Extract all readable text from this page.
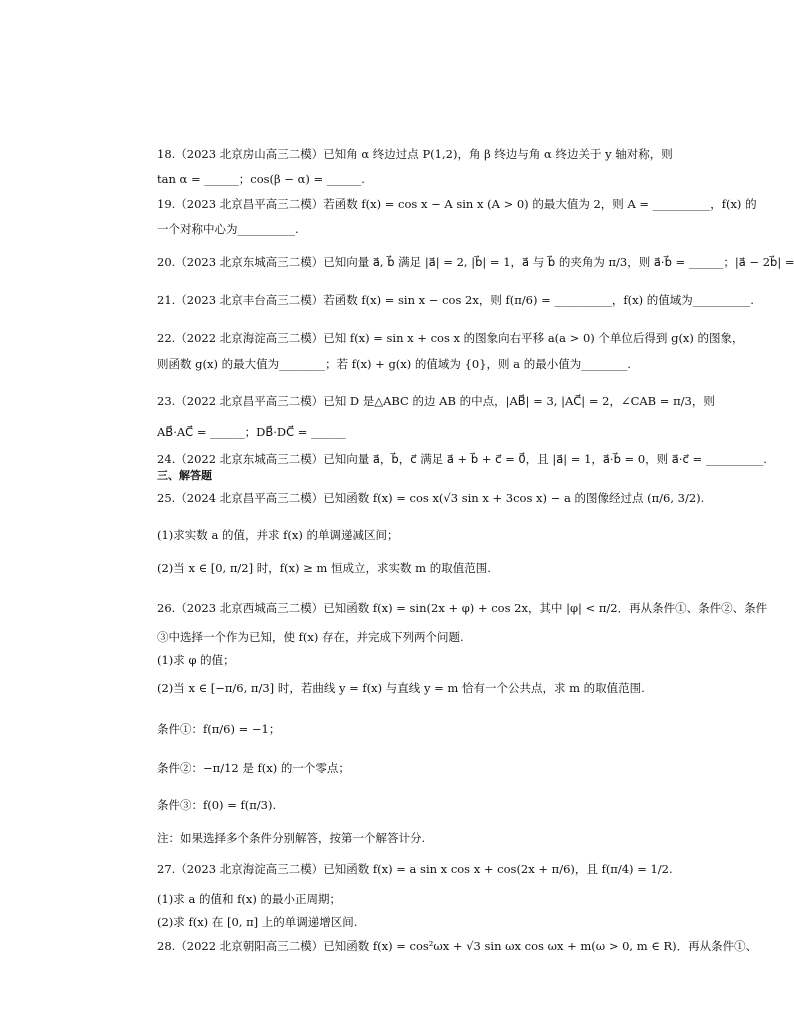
18.（2023 北京房山高三二模）已知角 α 终边过点 P(1,2)，角 β 终边与角 α 终边关于 y 轴对称，则
tan α = ______；cos(β − α) = ______.
19.（2023 北京昌平高三二模）若函数 f(x) = cos x − A sin x (A > 0) 的最大值为 2，则 A = __________，f(x) 的
一个对称中心为__________.
20.（2023 北京东城高三二模）已知向量 a⃗, b⃗ 满足 |a⃗| = 2, |b⃗| = 1，a⃗ 与 b⃗ 的夹角为 π/3，则 a⃗·b⃗ = ______；|a⃗ − 2b⃗| =
21.（2023 北京丰台高三二模）若函数 f(x) = sin x − cos 2x，则 f(π/6) = __________，f(x) 的值域为__________.
22.（2022 北京海淀高三二模）已知 f(x) = sin x + cos x 的图象向右平移 a(a > 0) 个单位后得到 g(x) 的图象，
则函数 g(x) 的最大值为________；若 f(x) + g(x) 的值域为 {0}，则 a 的最小值为________.
23.（2022 北京昌平高三二模）已知 D 是△ABC 的边 AB 的中点，|AB⃗| = 3, |AC⃗| = 2，∠CAB = π/3，则
AB⃗·AC⃗ = ______；DB⃗·DC⃗ = ______
24.（2022 北京东城高三二模）已知向量 a⃗，b⃗，c⃗ 满足 a⃗ + b⃗ + c⃗ = 0⃗，且 |a⃗| = 1，a⃗·b⃗ = 0，则 a⃗·c⃗ = __________.
三、解答题
25.（2024 北京昌平高三二模）已知函数 f(x) = cos x(√3 sin x + 3cos x) − a 的图像经过点 (π/6, 3/2).
(1)求实数 a 的值，并求 f(x) 的单调递减区间；
(2)当 x ∈ [0, π/2] 时，f(x) ≥ m 恒成立，求实数 m 的取值范围.
26.（2023 北京西城高三二模）已知函数 f(x) = sin(2x + φ) + cos 2x，其中 |φ| < π/2．再从条件①、条件②、条件
③中选择一个作为已知，使 f(x) 存在，并完成下列两个问题.
(1)求 φ 的值；
(2)当 x ∈ [−π/6, π/3] 时，若曲线 y = f(x) 与直线 y = m 恰有一个公共点，求 m 的取值范围.
条件①：f(π/6) = −1；
条件②：−π/12 是 f(x) 的一个零点；
条件③：f(0) = f(π/3).
注：如果选择多个条件分别解答，按第一个解答计分.
27.（2023 北京海淀高三二模）已知函数 f(x) = a sin x cos x + cos(2x + π/6)，且 f(π/4) = 1/2.
(1)求 a 的值和 f(x) 的最小正周期；
(2)求 f(x) 在 [0, π] 上的单调递增区间.
28.（2022 北京朝阳高三二模）已知函数 f(x) = cos²ωx + √3 sin ωx cos ωx + m(ω > 0, m ∈ R)．再从条件①、
